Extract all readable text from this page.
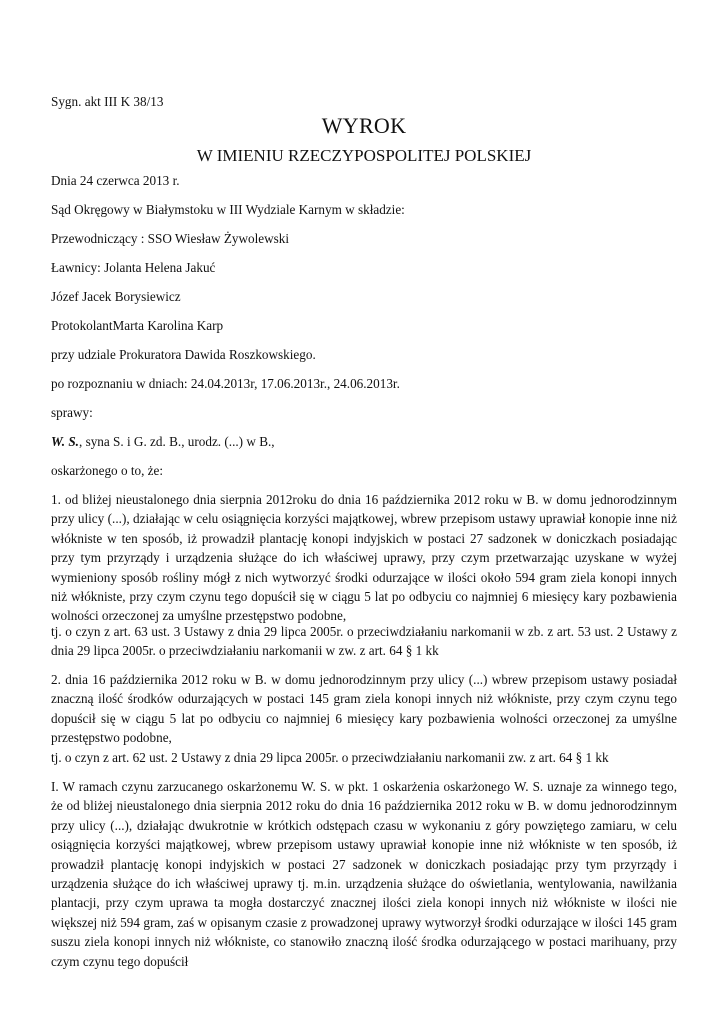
Sygn. akt III K 38/13

WYROK
W IMIENIU RZECZYPOSPOLITEJ POLSKIEJ

Dnia 24 czerwca 2013 r.

Sąd Okręgowy w Białymstoku w III Wydziale Karnym w składzie:

Przewodniczący : SSO Wiesław Żywolewski

Ławnicy: Jolanta Helena Jakuć

Józef Jacek Borysiewicz

ProtokolantMarta Karolina Karp

przy udziale Prokuratora Dawida Roszkowskiego.

po rozpoznaniu w dniach: 24.04.2013r, 17.06.2013r., 24.06.2013r.

sprawy:

W. S., syna S. i G. zd. B., urodz. (...) w B.,

oskarżonego o to, że:

1. od bliżej nieustalonego dnia sierpnia 2012roku do dnia 16 października 2012 roku w B. w domu jednorodzinnym przy ulicy (...), działając w celu osiągnięcia korzyści majątkowej, wbrew przepisom ustawy uprawiał konopie inne niż włókniste w ten sposób, iż prowadził plantację konopi indyjskich w postaci 27 sadzonek w doniczkach posiadając przy tym przyrządy i urządzenia służące do ich właściwej uprawy, przy czym przetwarzając uzyskane w wyżej wymieniony sposób rośliny mógł z nich wytworzyć środki odurzające w ilości około 594 gram ziela konopi innych niż włókniste, przy czym czynu tego dopuścił się w ciągu 5 lat po odbyciu co najmniej 6 miesięcy kary pozbawienia wolności orzeczonej za umyślne przestępstwo podobne,

tj. o czyn z art. 63 ust. 3 Ustawy z dnia 29 lipca 2005r. o przeciwdziałaniu narkomanii w zb. z art. 53 ust. 2 Ustawy z dnia 29 lipca 2005r. o przeciwdziałaniu narkomanii w zw. z art. 64 § 1 kk

2. dnia 16 października 2012 roku w B. w domu jednorodzinnym przy ulicy (...) wbrew przepisom ustawy posiadał znaczną ilość środków odurzających w postaci 145 gram ziela konopi innych niż włókniste, przy czym czynu tego dopuścił się w ciągu 5 lat po odbyciu co najmniej 6 miesięcy kary pozbawienia wolności orzeczonej za umyślne przestępstwo podobne,

tj. o czyn z art. 62 ust. 2 Ustawy z dnia 29 lipca 2005r. o przeciwdziałaniu narkomanii zw. z art. 64 § 1 kk

I. W ramach czynu zarzucanego oskarżonemu W. S. w pkt. 1 oskarżenia oskarżonego W. S. uznaje za winnego tego, że od bliżej nieustalonego dnia sierpnia 2012 roku do dnia 16 października 2012 roku w B. w domu jednorodzinnym przy ulicy (...), działając dwukrotnie w krótkich odstępach czasu w wykonaniu z góry powziętego zamiaru, w celu osiągnięcia korzyści majątkowej, wbrew przepisom ustawy uprawiał konopie inne niż włókniste w ten sposób, iż prowadził plantację konopi indyjskich w postaci 27 sadzonek w doniczkach posiadając przy tym przyrządy i urządzenia służące do ich właściwej uprawy tj. m.in. urządzenia służące do oświetlania, wentylowania, nawilżania plantacji, przy czym uprawa ta mogła dostarczyć znacznej ilości ziela konopi innych niż włókniste w ilości nie większej niż 594 gram, zaś w opisanym czasie z prowadzonej uprawy wytworzył środki odurzające w ilości 145 gram suszu ziela konopi innych niż włókniste, co stanowiło znaczną ilość środka odurzającego w postaci marihuany, przy czym czynu tego dopuścił
